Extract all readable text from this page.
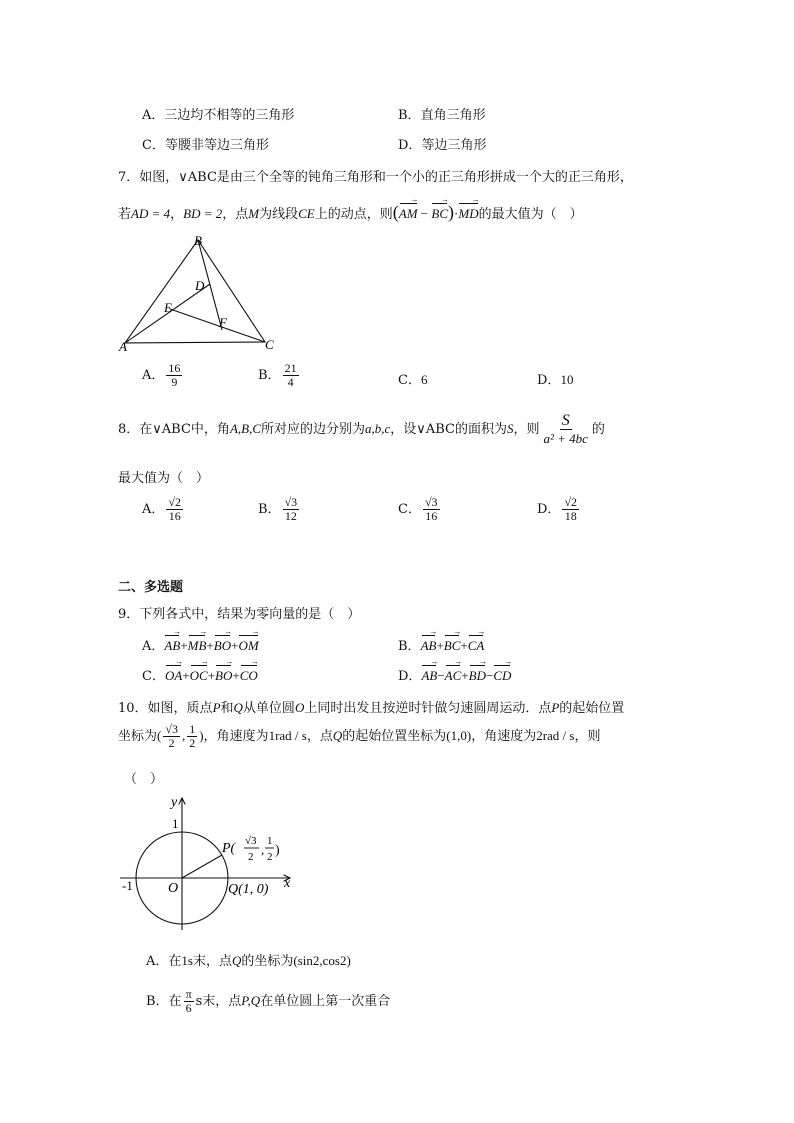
A．三边均不相等的三角形	B．直角三角形
C．等腰非等边三角形	D．等边三角形
7．如图，∨ABC是由三个全等的钝角三角形和一个小的正三角形拼成一个大的正三角形，
若AD = 4，BD = 2，点M为线段CE上的动点，则(AM → − BC →)·MD →的最大值为（　）
B
D
E
F
A	C
A． $\frac{16}{9}$	B． $\frac{21}{4}$	C．6	D．10
8．在∨ABC中，角A,B,C所对应的边分别为a,b,c，设∨ABC的面积为S，则 $\frac{S}{\text{a² + 4bc}}$ 的
最大值为（　）
A． $\frac{√2}{16}$	B． $\frac{√3}{12}$	C． $\frac{√3}{16}$	D． $\frac{√2}{18}$
二、多选题
9．下列各式中，结果为零向量的是（　）
A．AB →+MB →+BO →+OM →	B．AB →+BC →+CA →
C．OA →+OC →+BO →+CO →	D．AB →−AC →+BD →−CD →
10．如图，质点P和Q从单位圆O上同时出发且按逆时针做匀速圆周运动．点P的起始位置
坐标为( $\frac{√3}{2}$ , $\frac{1}{2}$ )，角速度为1rad / s，点Q的起始位置坐标为(1,0)，角速度为2rad / s，则
（　）
y
x
1
-1	O
P( √3
2 ,
1
2 )
Q(1, 0)
A．在1s末，点Q的坐标为(sin2,cos2)
B．在 $\frac{\pi}{6}$ s末，点P,Q在单位圆上第一次重合
